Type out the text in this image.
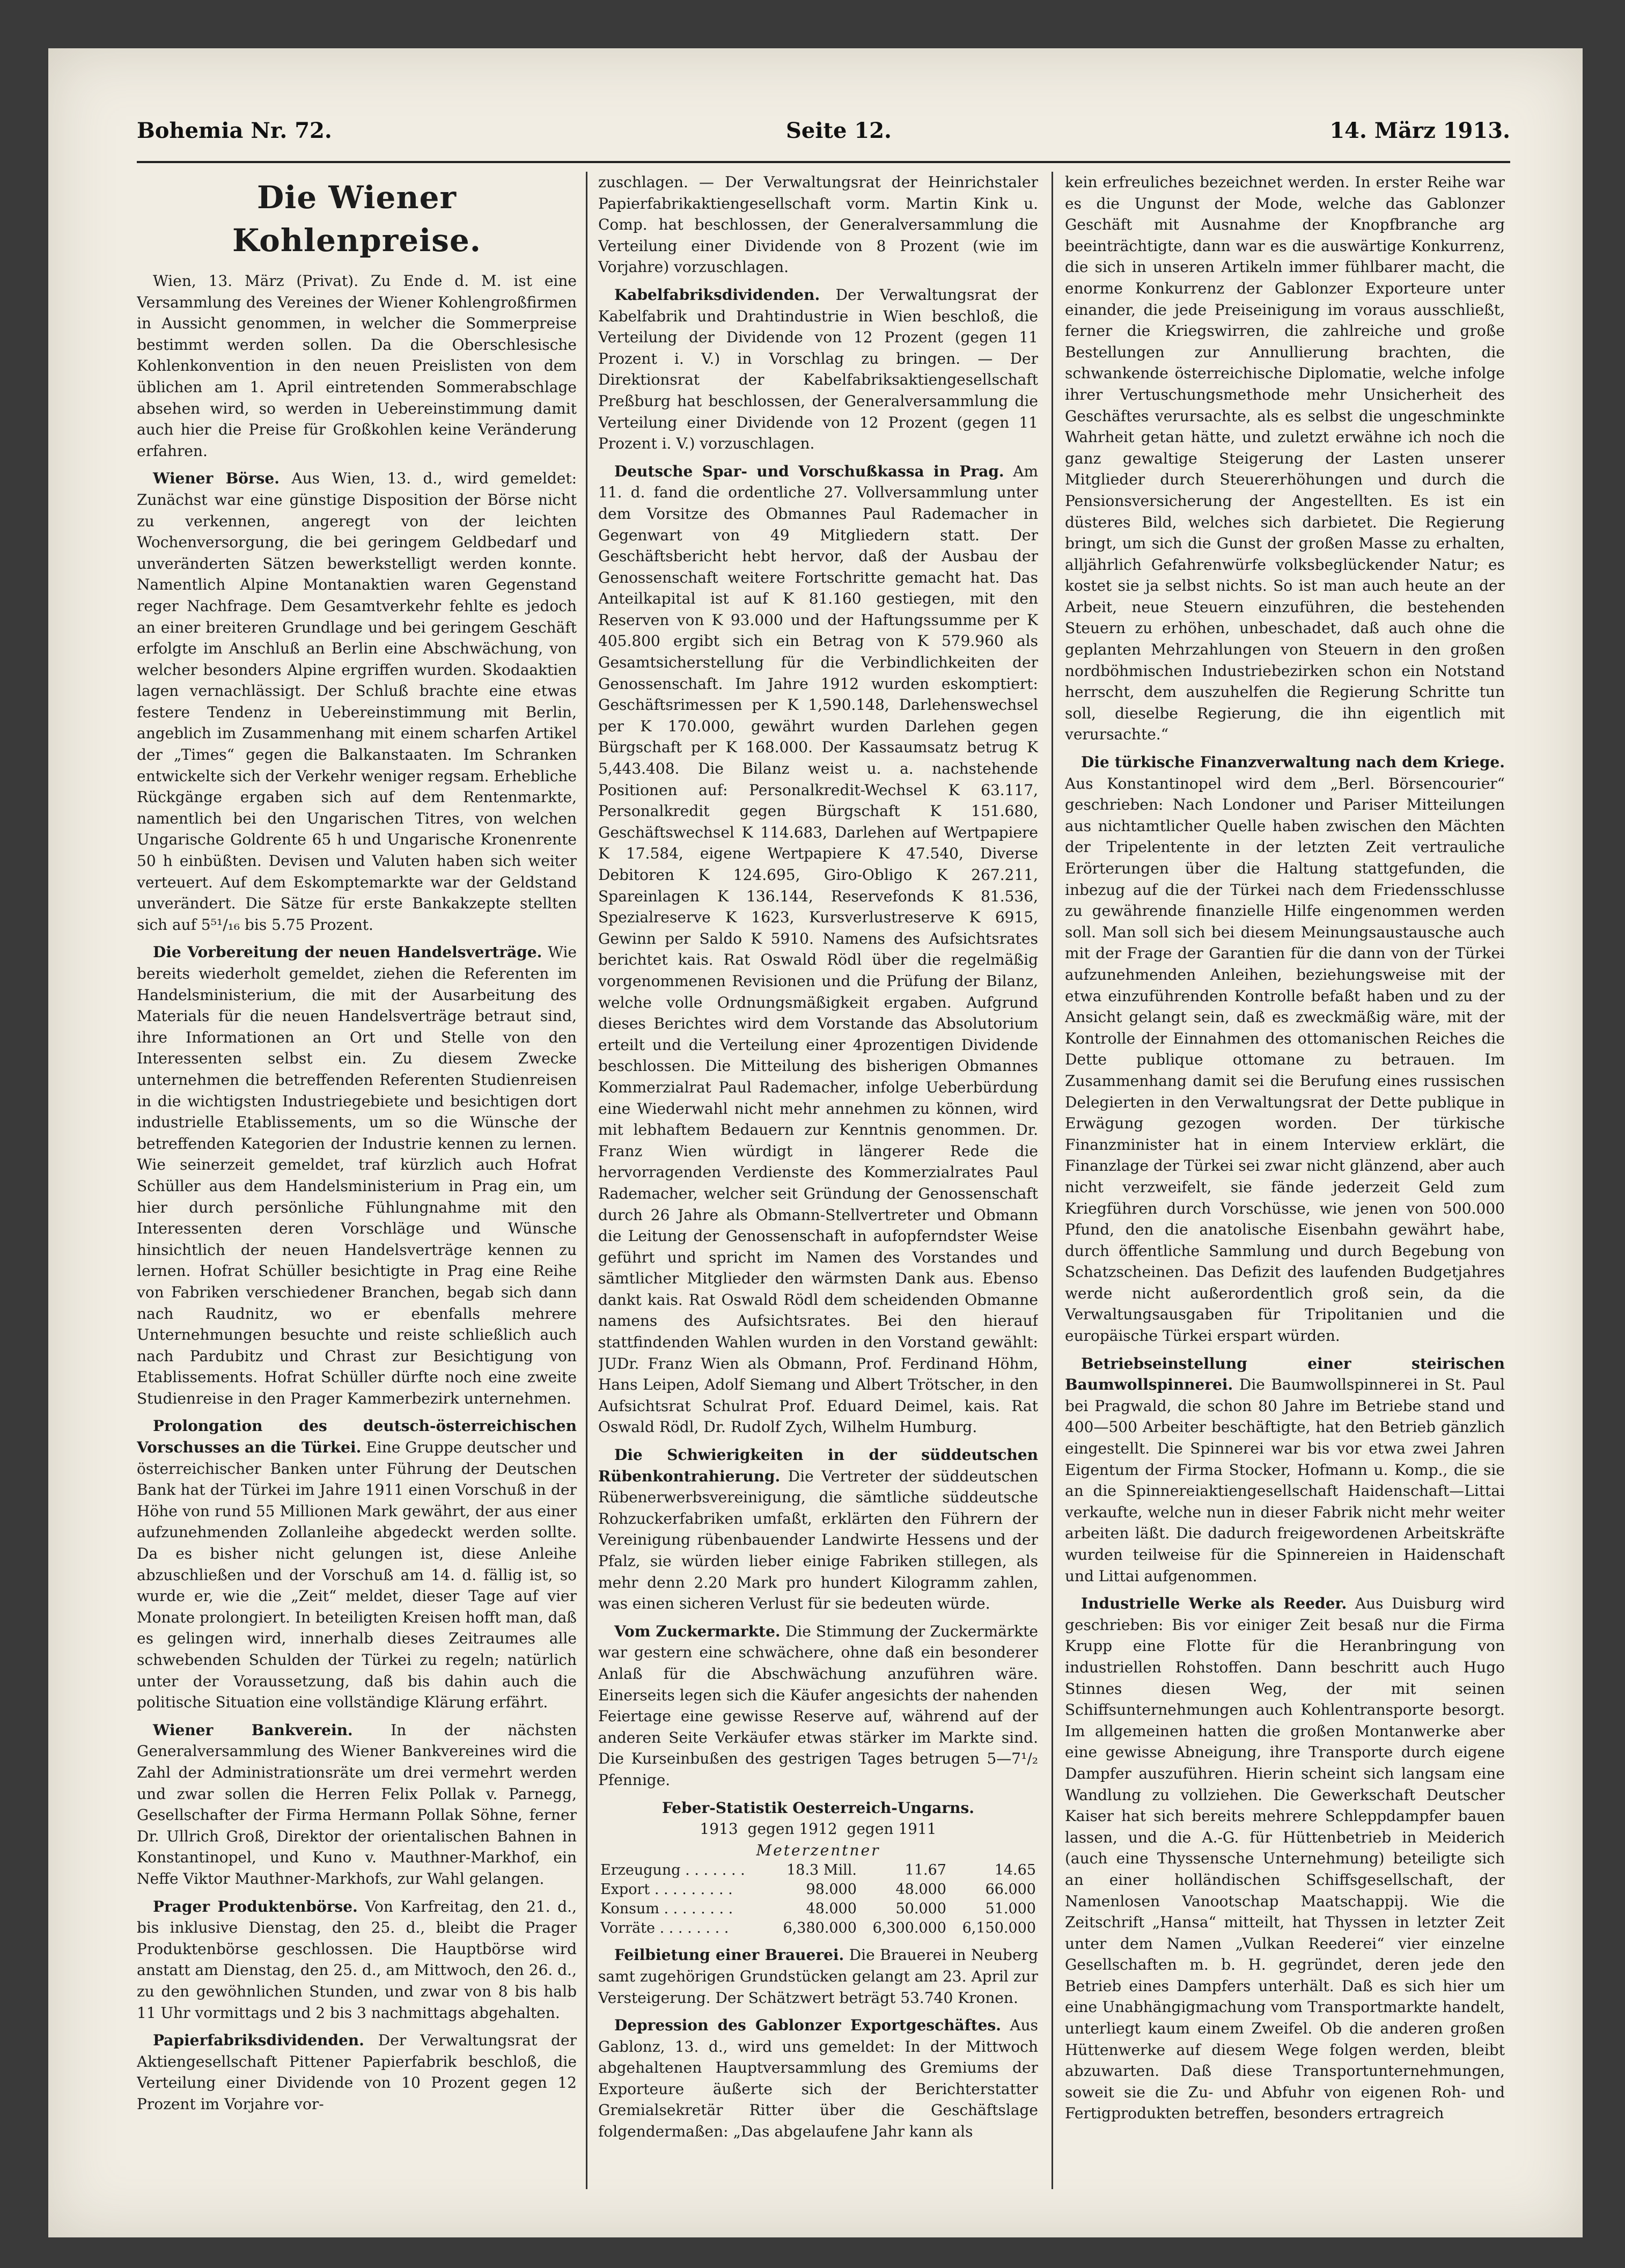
Bohemia Nr. 72.	Seite 12.	14. März 1913.
Die Wiener Kohlenpreise.

Wien, 13. März (Privat). Zu Ende d. M. ist eine Versammlung des Vereines der Wiener Kohlengroßfirmen in Aussicht genommen, in welcher die Sommerpreise bestimmt werden sollen. Da die Oberschlesische Kohlenkonvention in den neuen Preislisten von dem üblichen am 1. April eintretenden Sommerabschlage absehen wird, so werden in Uebereinstimmung damit auch hier die Preise für Großkohlen keine Veränderung erfahren.

Wiener Börse. Aus Wien, 13. d., wird gemeldet: Zunächst war eine günstige Disposition der Börse nicht zu verkennen, angeregt von der leichten Wochenversorgung, die bei geringem Geldbedarf und unveränderten Sätzen bewerkstelligt werden konnte. Namentlich Alpine Montanaktien waren Gegenstand reger Nachfrage. Dem Gesamtverkehr fehlte es jedoch an einer breiteren Grundlage und bei geringem Geschäft erfolgte im Anschluß an Berlin eine Abschwächung, von welcher besonders Alpine ergriffen wurden. Skodaaktien lagen vernachlässigt. Der Schluß brachte eine etwas festere Tendenz in Uebereinstimmung mit Berlin, angeblich im Zusammenhang mit einem scharfen Artikel der „Times“ gegen die Balkanstaaten. Im Schranken entwickelte sich der Verkehr weniger regsam. Erhebliche Rückgänge ergaben sich auf dem Rentenmarkte, namentlich bei den Ungarischen Titres, von welchen Ungarische Goldrente 65 h und Ungarische Kronenrente 50 h einbüßten. Devisen und Valuten haben sich weiter verteuert. Auf dem Eskomptemarkte war der Geldstand unverändert. Die Sätze für erste Bankakzepte stellten sich auf 5⁵¹/₁₆ bis 5.75 Prozent.

Die Vorbereitung der neuen Handelsverträge. Wie bereits wiederholt gemeldet, ziehen die Referenten im Handelsministerium, die mit der Ausarbeitung des Materials für die neuen Handelsverträge betraut sind, ihre Informationen an Ort und Stelle von den Interessenten selbst ein. Zu diesem Zwecke unternehmen die betreffenden Referenten Studienreisen in die wichtigsten Industriegebiete und besichtigen dort industrielle Etablissements, um so die Wünsche der betreffenden Kategorien der Industrie kennen zu lernen. Wie seinerzeit gemeldet, traf kürzlich auch Hofrat Schüller aus dem Handelsministerium in Prag ein, um hier durch persönliche Fühlungnahme mit den Interessenten deren Vorschläge und Wünsche hinsichtlich der neuen Handelsverträge kennen zu lernen. Hofrat Schüller besichtigte in Prag eine Reihe von Fabriken verschiedener Branchen, begab sich dann nach Raudnitz, wo er ebenfalls mehrere Unternehmungen besuchte und reiste schließlich auch nach Pardubitz und Chrast zur Besichtigung von Etablissements. Hofrat Schüller dürfte noch eine zweite Studienreise in den Prager Kammerbezirk unternehmen.

Prolongation des deutsch-österreichischen Vorschusses an die Türkei. Eine Gruppe deutscher und österreichischer Banken unter Führung der Deutschen Bank hat der Türkei im Jahre 1911 einen Vorschuß in der Höhe von rund 55 Millionen Mark gewährt, der aus einer aufzunehmenden Zollanleihe abgedeckt werden sollte. Da es bisher nicht gelungen ist, diese Anleihe abzuschließen und der Vorschuß am 14. d. fällig ist, so wurde er, wie die „Zeit“ meldet, dieser Tage auf vier Monate prolongiert. In beteiligten Kreisen hofft man, daß es gelingen wird, innerhalb dieses Zeitraumes alle schwebenden Schulden der Türkei zu regeln; natürlich unter der Voraussetzung, daß bis dahin auch die politische Situation eine vollständige Klärung erfährt.

Wiener Bankverein.	In der nächsten Generalversammlung des Wiener Bankvereines wird die Zahl der Administrationsräte um drei vermehrt werden und zwar sollen die Herren Felix Pollak v. Parnegg, Gesellschafter der Firma Hermann Pollak Söhne, ferner Dr. Ullrich Groß, Direktor der orientalischen Bahnen in Konstantinopel, und Kuno v. Mauthner-Markhof, ein Neffe Viktor Mauthner-Markhofs, zur Wahl gelangen.

Prager Produktenbörse. Von Karfreitag, den 21. d., bis inklusive Dienstag, den 25. d., bleibt die Prager Produktenbörse geschlossen. Die Hauptbörse wird anstatt am Dienstag, den 25. d., am Mittwoch, den 26. d., zu den gewöhnlichen Stunden, und zwar von 8 bis halb 11 Uhr vormittags und 2 bis 3 nachmittags abgehalten.

Papierfabriksdividenden. Der Verwaltungsrat der Aktiengesellschaft Pittener Papierfabrik beschloß, die Verteilung einer Dividende von 10 Prozent gegen 12 Prozent im Vorjahre vor-

zuschlagen. — Der Verwaltungsrat der Heinrichstaler Papierfabrikaktiengesellschaft vorm. Martin Kink u. Comp. hat beschlossen, der Generalversammlung die Verteilung einer Dividende von 8 Prozent (wie im Vorjahre) vorzuschlagen.

Kabelfabriksdividenden. Der Verwaltungsrat der Kabelfabrik und Drahtindustrie in Wien beschloß, die Verteilung der Dividende von 12 Prozent (gegen 11 Prozent i. V.) in Vorschlag zu bringen. — Der Direktionsrat der Kabelfabriksaktiengesellschaft Preßburg hat beschlossen, der Generalversammlung die Verteilung einer Dividende von 12 Prozent (gegen 11 Prozent i. V.) vorzuschlagen.

Deutsche Spar- und Vorschußkassa in Prag. Am 11. d. fand die ordentliche 27. Vollversammlung unter dem Vorsitze des Obmannes Paul Rademacher in Gegenwart von 49 Mitgliedern statt. Der Geschäftsbericht hebt hervor, daß der Ausbau der Genossenschaft weitere Fortschritte gemacht hat. Das Anteilkapital ist auf K 81.160 gestiegen, mit den Reserven von K 93.000 und der Haftungssumme per K 405.800 ergibt sich ein Betrag von K 579.960 als Gesamtsicherstellung für die Verbindlichkeiten der Genossenschaft. Im Jahre 1912 wurden eskomptiert: Geschäftsrimessen per K 1,590.148, Darlehenswechsel per K 170.000, gewährt wurden Darlehen gegen Bürgschaft per K 168.000. Der Kassaumsatz betrug K 5,443.408. Die Bilanz weist u. a. nachstehende Positionen auf: Personalkredit-Wechsel K 63.117, Personalkredit gegen Bürgschaft K 151.680, Geschäftswechsel K 114.683, Darlehen auf Wertpapiere K 17.584, eigene Wertpapiere K 47.540, Diverse Debitoren K 124.695, Giro-Obligo K 267.211, Spareinlagen K 136.144, Reservefonds K 81.536, Spezialreserve K 1623, Kursverlustreserve K 6915, Gewinn per Saldo K 5910. Namens des Aufsichtsrates berichtet kais. Rat Oswald Rödl über die regelmäßig vorgenommenen Revisionen und die Prüfung der Bilanz, welche volle Ordnungsmäßigkeit ergaben. Aufgrund dieses Berichtes wird dem Vorstande das Absolutorium erteilt und die Verteilung einer 4prozentigen Dividende beschlossen. Die Mitteilung des bisherigen Obmannes Kommerzialrat Paul Rademacher, infolge Ueberbürdung eine Wiederwahl nicht mehr annehmen zu können, wird mit lebhaftem Bedauern zur Kenntnis genommen. Dr. Franz Wien würdigt in längerer Rede die hervorragenden Verdienste des Kommerzialrates Paul Rademacher, welcher seit Gründung der Genossenschaft durch 26 Jahre als Obmann-Stellvertreter und Obmann die Leitung der Genossenschaft in aufopferndster Weise geführt und spricht im Namen des Vorstandes und sämtlicher Mitglieder den wärmsten Dank aus. Ebenso dankt kais. Rat Oswald Rödl dem scheidenden Obmanne namens des Aufsichtsrates. Bei den hierauf stattfindenden Wahlen wurden in den Vorstand gewählt: JUDr. Franz Wien als Obmann, Prof. Ferdinand Höhm, Hans Leipen, Adolf Siemang und Albert Trötscher, in den Aufsichtsrat Schulrat Prof. Eduard Deimel, kais. Rat Oswald Rödl, Dr. Rudolf Zych, Wilhelm Humburg.

Die Schwierigkeiten in der süddeutschen Rübenkontrahierung. Die Vertreter der süddeutschen Rübenerwerbsvereinigung, die sämtliche süddeutsche Rohzuckerfabriken umfaßt, erklärten den Führern der Vereinigung rübenbauender Landwirte Hessens und der Pfalz, sie würden lieber einige Fabriken stillegen, als mehr denn 2.20 Mark pro hundert Kilogramm zahlen, was einen sicheren Verlust für sie bedeuten würde.

Vom Zuckermarkte. Die Stimmung der Zuckermärkte war gestern eine schwächere, ohne daß ein besonderer Anlaß für die Abschwächung anzuführen wäre. Einerseits legen sich die Käufer angesichts der nahenden Feiertage eine gewisse Reserve auf, während auf der anderen Seite Verkäufer etwas stärker im Markte sind. Die Kurseinbußen des gestrigen Tages betrugen 5—7¹/₂ Pfennige.

Feber-Statistik Oesterreich-Ungarns.
1913  gegen 1912  gegen 1911
Meterzentner
Erzeugung . . . . . . .	18.3 Mill.	11.67	14.65
Export . . . . . . . . .	98.000	48.000	66.000
Konsum . . . . . . . .	48.000	50.000	51.000
Vorräte . . . . . . . .	6,380.000	6,300.000	6,150.000

Feilbietung einer Brauerei. Die Brauerei in Neuberg samt zugehörigen Grundstücken gelangt am 23. April zur Versteigerung. Der Schätzwert beträgt 53.740 Kronen.

Depression des Gablonzer Exportgeschäftes. Aus Gablonz, 13. d., wird uns gemeldet: In der Mittwoch abgehaltenen Hauptversammlung des Gremiums der Exporteure äußerte sich der Berichterstatter Gremialsekretär Ritter über die Geschäftslage folgendermaßen: „Das abgelaufene Jahr kann als

kein erfreuliches bezeichnet werden. In erster Reihe war es die Ungunst der Mode, welche das Gablonzer Geschäft mit Ausnahme der Knopfbranche arg beeinträchtigte, dann war es die auswärtige Konkurrenz, die sich in unseren Artikeln immer fühlbarer macht, die enorme Konkurrenz der Gablonzer Exporteure unter einander, die jede Preiseinigung im voraus ausschließt, ferner die Kriegswirren, die zahlreiche und große Bestellungen zur Annullierung brachten, die schwankende österreichische Diplomatie, welche infolge ihrer Vertuschungsmethode mehr Unsicherheit des Geschäftes verursachte, als es selbst die ungeschminkte Wahrheit getan hätte, und zuletzt erwähne ich noch die ganz gewaltige Steigerung der Lasten unserer Mitglieder durch Steuererhöhungen und durch die Pensionsversicherung der Angestellten. Es ist ein düsteres Bild, welches sich darbietet. Die Regierung bringt, um sich die Gunst der großen Masse zu erhalten, alljährlich Gefahrenwürfe volksbeglückender Natur; es kostet sie ja selbst nichts. So ist man auch heute an der Arbeit, neue Steuern einzuführen, die bestehenden Steuern zu erhöhen, unbeschadet, daß auch ohne die geplanten Mehrzahlungen von Steuern in den großen nordböhmischen Industriebezirken schon ein Notstand herrscht, dem auszuhelfen die Regierung Schritte tun soll, dieselbe Regierung, die ihn eigentlich mit verursachte.“

Die türkische Finanzverwaltung nach dem Kriege. Aus Konstantinopel wird dem „Berl. Börsencourier“ geschrieben: Nach Londoner und Pariser Mitteilungen aus nichtamtlicher Quelle haben zwischen den Mächten der Tripelentente in der letzten Zeit vertrauliche Erörterungen über die Haltung stattgefunden, die inbezug auf die der Türkei nach dem Friedensschlusse zu gewährende finanzielle Hilfe eingenommen werden soll. Man soll sich bei diesem Meinungsaustausche auch mit der Frage der Garantien für die dann von der Türkei aufzunehmenden Anleihen, beziehungsweise mit der etwa einzuführenden Kontrolle befaßt haben und zu der Ansicht gelangt sein, daß es zweckmäßig wäre, mit der Kontrolle der Einnahmen des ottomanischen Reiches die Dette publique ottomane zu betrauen. Im Zusammenhang damit sei die Berufung eines russischen Delegierten in den Verwaltungsrat der Dette publique in Erwägung gezogen worden. Der türkische Finanzminister hat in einem Interview erklärt, die Finanzlage der Türkei sei zwar nicht glänzend, aber auch nicht verzweifelt, sie fände jederzeit Geld zum Kriegführen durch Vorschüsse, wie jenen von 500.000 Pfund, den die anatolische Eisenbahn gewährt habe, durch öffentliche Sammlung und durch Begebung von Schatzscheinen. Das Defizit des laufenden Budgetjahres werde nicht außerordentlich groß sein, da die Verwaltungsausgaben für Tripolitanien und die europäische Türkei erspart würden.

Betriebseinstellung einer steirischen Baumwollspinnerei. Die Baumwollspinnerei in St. Paul bei Pragwald, die schon 80 Jahre im Betriebe stand und 400—500 Arbeiter beschäftigte, hat den Betrieb gänzlich eingestellt. Die Spinnerei war bis vor etwa zwei Jahren Eigentum der Firma Stocker, Hofmann u. Komp., die sie an die Spinnereiaktiengesellschaft Haidenschaft—Littai verkaufte, welche nun in dieser Fabrik nicht mehr weiter arbeiten läßt. Die dadurch freigewordenen Arbeitskräfte wurden teilweise für die Spinnereien in Haidenschaft und Littai aufgenommen.

Industrielle Werke als Reeder. Aus Duisburg wird geschrieben: Bis vor einiger Zeit besaß nur die Firma Krupp eine Flotte für die Heranbringung von industriellen Rohstoffen. Dann beschritt auch Hugo Stinnes diesen Weg, der mit seinen Schiffsunternehmungen auch Kohlentransporte besorgt. Im allgemeinen hatten die großen Montanwerke aber eine gewisse Abneigung, ihre Transporte durch eigene Dampfer auszuführen. Hierin scheint sich langsam eine Wandlung zu vollziehen. Die Gewerkschaft Deutscher Kaiser hat sich bereits mehrere Schleppdampfer bauen lassen, und die A.-G. für Hüttenbetrieb in Meiderich (auch eine Thyssensche Unternehmung) beteiligte sich an einer holländischen Schiffsgesellschaft, der Namenlosen Vanootschap Maatschappij. Wie die Zeitschrift „Hansa“ mitteilt, hat Thyssen in letzter Zeit unter dem Namen „Vulkan Reederei“ vier einzelne Gesellschaften m. b. H. gegründet, deren jede den Betrieb eines Dampfers unterhält. Daß es sich hier um eine Unabhängigmachung vom Transportmarkte handelt, unterliegt kaum einem Zweifel. Ob die anderen großen Hüttenwerke auf diesem Wege folgen werden, bleibt abzuwarten. Daß diese Transportunternehmungen, soweit sie die Zu- und Abfuhr von eigenen Roh- und Fertigprodukten betreffen, besonders ertragreich
